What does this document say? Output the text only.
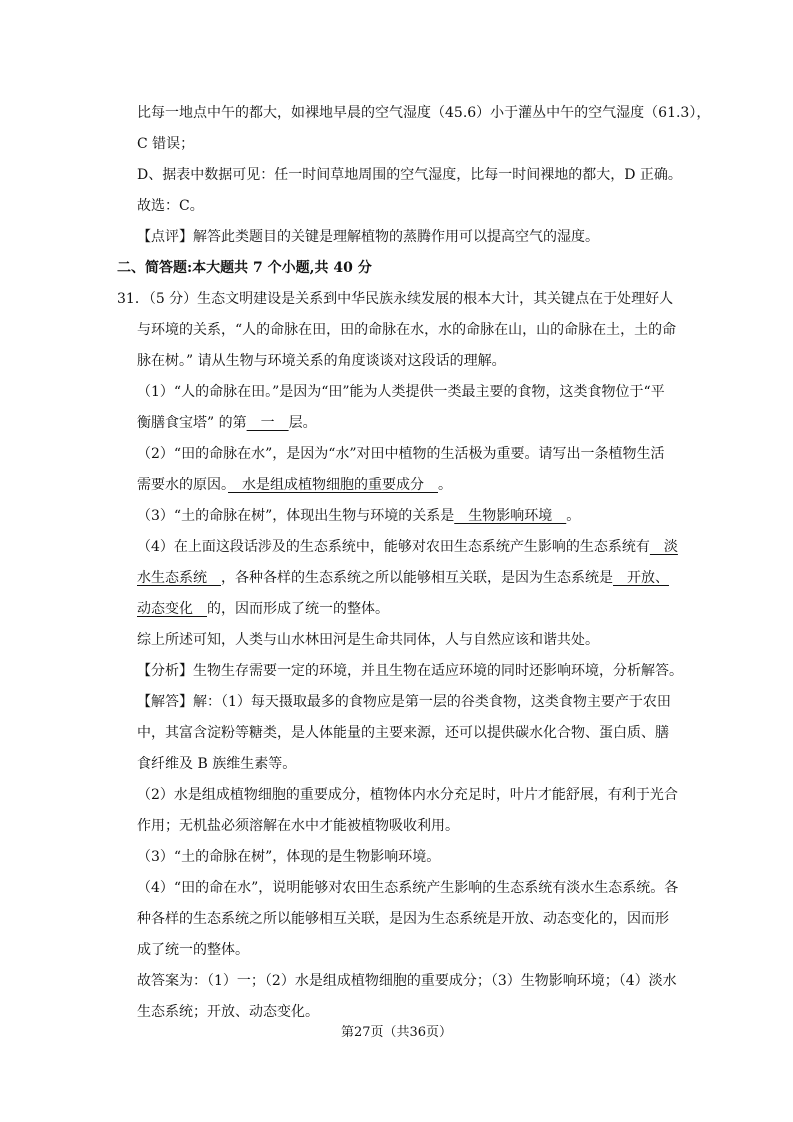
比每一地点中午的都大，如裸地早晨的空气湿度（45.6）小于灌丛中午的空气湿度（61.3），
C 错误；
D、据表中数据可见：任一时间草地周围的空气湿度，比每一时间裸地的都大，D 正确。
故选：C。
【点评】解答此类题目的关键是理解植物的蒸腾作用可以提高空气的湿度。
二、简答题:本大题共 7 个小题,共 40 分
31．（5 分）生态文明建设是关系到中华民族永续发展的根本大计，其关键点在于处理好人
与环境的关系，“人的命脉在田，田的命脉在水，水的命脉在山，山的命脉在土，土的命
脉在树。” 请从生物与环境关系的角度谈谈对这段话的理解。
（1）“人的命脉在田。”是因为“田”能为人类提供一类最主要的食物，这类食物位于“平
衡膳食宝塔” 的第　一　层。
（2）“田的命脉在水”，是因为“水”对田中植物的生活极为重要。请写出一条植物生活
需要水的原因。　水是组成植物细胞的重要成分　。
（3）“土的命脉在树”，体现出生物与环境的关系是　生物影响环境　。
（4）在上面这段话涉及的生态系统中，能够对农田生态系统产生影响的生态系统有　淡
水生态系统　，各种各样的生态系统之所以能够相互关联，是因为生态系统是　开放、
动态变化　的，因而形成了统一的整体。
综上所述可知，人类与山水林田河是生命共同体，人与自然应该和谐共处。
【分析】生物生存需要一定的环境，并且生物在适应环境的同时还影响环境，分析解答。
【解答】解：（1）每天摄取最多的食物应是第一层的谷类食物，这类食物主要产于农田
中，其富含淀粉等糖类，是人体能量的主要来源，还可以提供碳水化合物、蛋白质、膳
食纤维及 B 族维生素等。
（2）水是组成植物细胞的重要成分，植物体内水分充足时，叶片才能舒展，有利于光合
作用；无机盐必须溶解在水中才能被植物吸收利用。
（3）“土的命脉在树”，体现的是生物影响环境。
（4）“田的命在水”，说明能够对农田生态系统产生影响的生态系统有淡水生态系统。各
种各样的生态系统之所以能够相互关联，是因为生态系统是开放、动态变化的，因而形
成了统一的整体。
故答案为：（1）一；（2）水是组成植物细胞的重要成分；（3）生物影响环境；（4）淡水
生态系统；开放、动态变化。
第27页（共36页）
